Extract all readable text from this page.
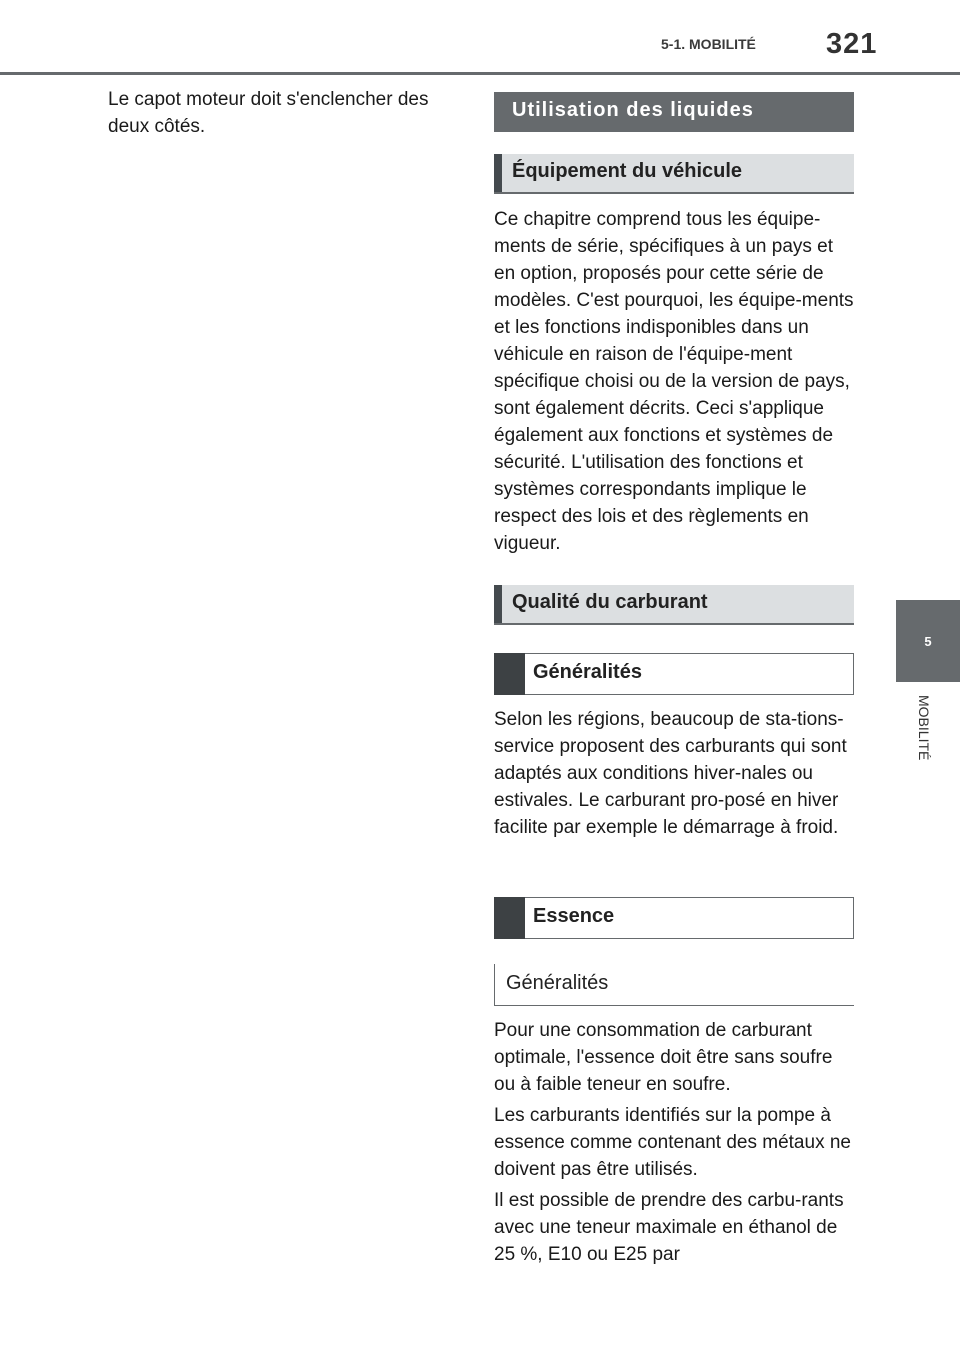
5-1. MOBILITÉ	321
5
MOBILITÉ

Le capot moteur doit s'enclencher des deux côtés.

Utilisation des liquides
Équipement du véhicule

Ce chapitre comprend tous les équipe-ments de série, spécifiques à un pays et en option, proposés pour cette série de modèles. C'est pourquoi, les équipe-ments et les fonctions indisponibles dans un véhicule en raison de l'équipe-ment spécifique choisi ou de la version de pays, sont également décrits. Ceci s'applique également aux fonctions et systèmes de sécurité. L'utilisation des fonctions et systèmes correspondants implique le respect des lois et des règlements en vigueur.

Qualité du carburant
Généralités

Selon les régions, beaucoup de sta-tions-service proposent des carburants qui sont adaptés aux conditions hiver-nales ou estivales. Le carburant pro-posé en hiver facilite par exemple le démarrage à froid.

Essence
Généralités

Pour une consommation de carburant optimale, l'essence doit être sans soufre ou à faible teneur en soufre.

Les carburants identifiés sur la pompe à essence comme contenant des métaux ne doivent pas être utilisés.

Il est possible de prendre des carbu-rants avec une teneur maximale en éthanol de 25 %, E10 ou E25 par
